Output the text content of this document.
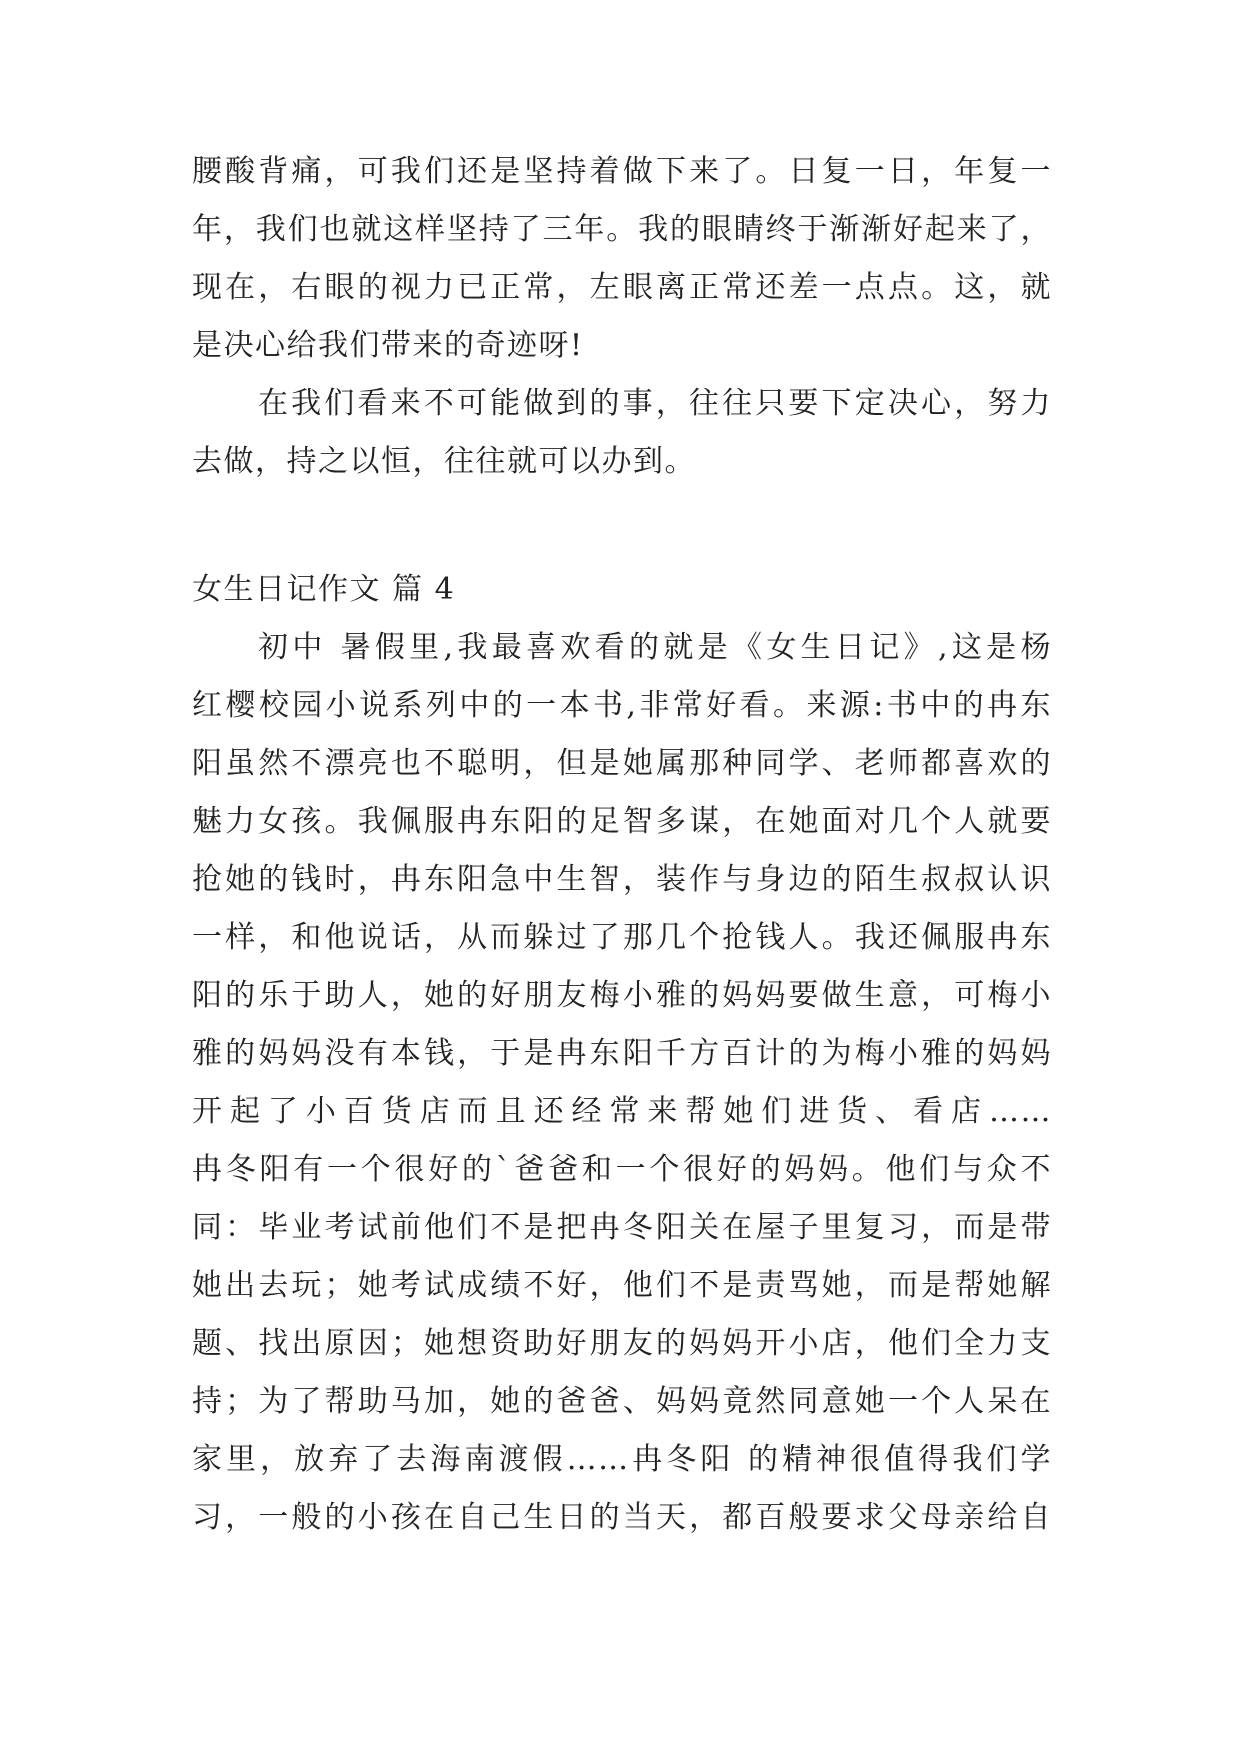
腰酸背痛，可我们还是坚持着做下来了。日复一日，年复一
年，我们也就这样坚持了三年。我的眼睛终于渐渐好起来了，
现在，右眼的视力已正常，左眼离正常还差一点点。这，就
是决心给我们带来的奇迹呀!
在我们看来不可能做到的事，往往只要下定决心，努力
去做，持之以恒，往往就可以办到。
女生日记作文 篇 4
初中 暑假里,我最喜欢看的就是《女生日记》,这是杨
红樱校园小说系列中的一本书,非常好看。来源:书中的冉东
阳虽然不漂亮也不聪明，但是她属那种同学、老师都喜欢的
魅力女孩。我佩服冉东阳的足智多谋，在她面对几个人就要
抢她的钱时，冉东阳急中生智，装作与身边的陌生叔叔认识
一样，和他说话，从而躲过了那几个抢钱人。我还佩服冉东
阳的乐于助人，她的好朋友梅小雅的妈妈要做生意，可梅小
雅的妈妈没有本钱，于是冉东阳千方百计的为梅小雅的妈妈
开起了小百货店而且还经常来帮她们进货、看店……
冉冬阳有一个很好的`爸爸和一个很好的妈妈。他们与众不
同：毕业考试前他们不是把冉冬阳关在屋子里复习，而是带
她出去玩；她考试成绩不好，他们不是责骂她，而是帮她解
题、找出原因；她想资助好朋友的妈妈开小店，他们全力支
持；为了帮助马加，她的爸爸、妈妈竟然同意她一个人呆在
家里，放弃了去海南渡假……冉冬阳 的精神很值得我们学
习，一般的小孩在自己生日的当天，都百般要求父母亲给自
